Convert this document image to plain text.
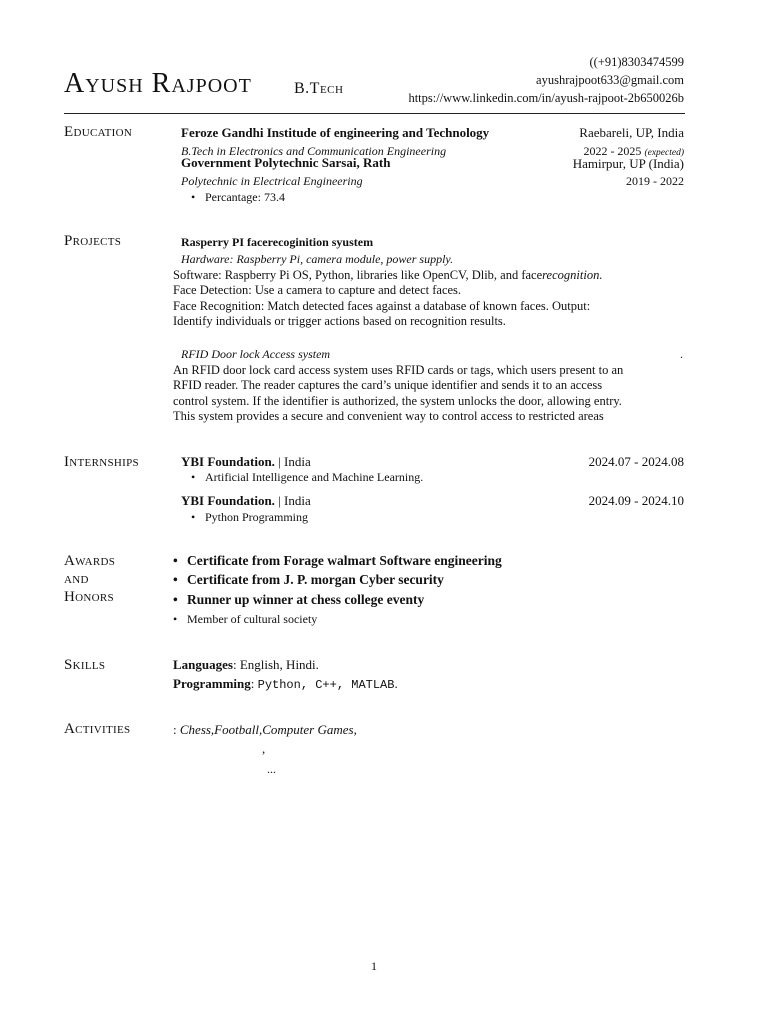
Ayush Rajpoot	B.Tech
((+91)8303474599
ayushrajpoot633@gmail.com
https://www.linkedin.com/in/ayush-rajpoot-2b650026b
Education	Feroze Gandhi Institude of engineering and Technology	Raebareli, UP, India
B.Tech in Electronics and Communication Engineering	2022 - 2025 (expected)
Government Polytechnic Sarsai, Rath	Hamirpur, UP (India)
Polytechnic in Electrical Engineering	2019 - 2022
• Percantage: 73.4
Projects	Rasperry PI facerecoginition syustem
Hardware: Raspberry Pi, camera module, power supply.
Software: Raspberry Pi OS, Python, libraries like OpenCV, Dlib, and facerecognition.
Face Detection: Use a camera to capture and detect faces.
Face Recognition: Match detected faces against a database of known faces. Output:
Identify individuals or trigger actions based on recognition results.
RFID Door lock Access system	.
An RFID door lock card access system uses RFID cards or tags, which users present to an
RFID reader. The reader captures the card’s unique identifier and sends it to an access
control system. If the identifier is authorized, the system unlocks the door, allowing entry.
This system provides a secure and convenient way to control access to restricted areas
Internships	YBI Foundation. | India	2024.07 - 2024.08
• Artificial Intelligence and Machine Learning.
YBI Foundation. | India	2024.09 - 2024.10
• Python Programming
Awards
and
Honors
• Certificate from Forage walmart Software engineering
• Certificate from J. P. morgan Cyber security
• Runner up winner at chess college eventy
• Member of cultural society
Skills	Languages: English, Hindi.
Programming: Python, C++, MATLAB.
Activities	: Chess,Football,Computer Games,
,
...
1
